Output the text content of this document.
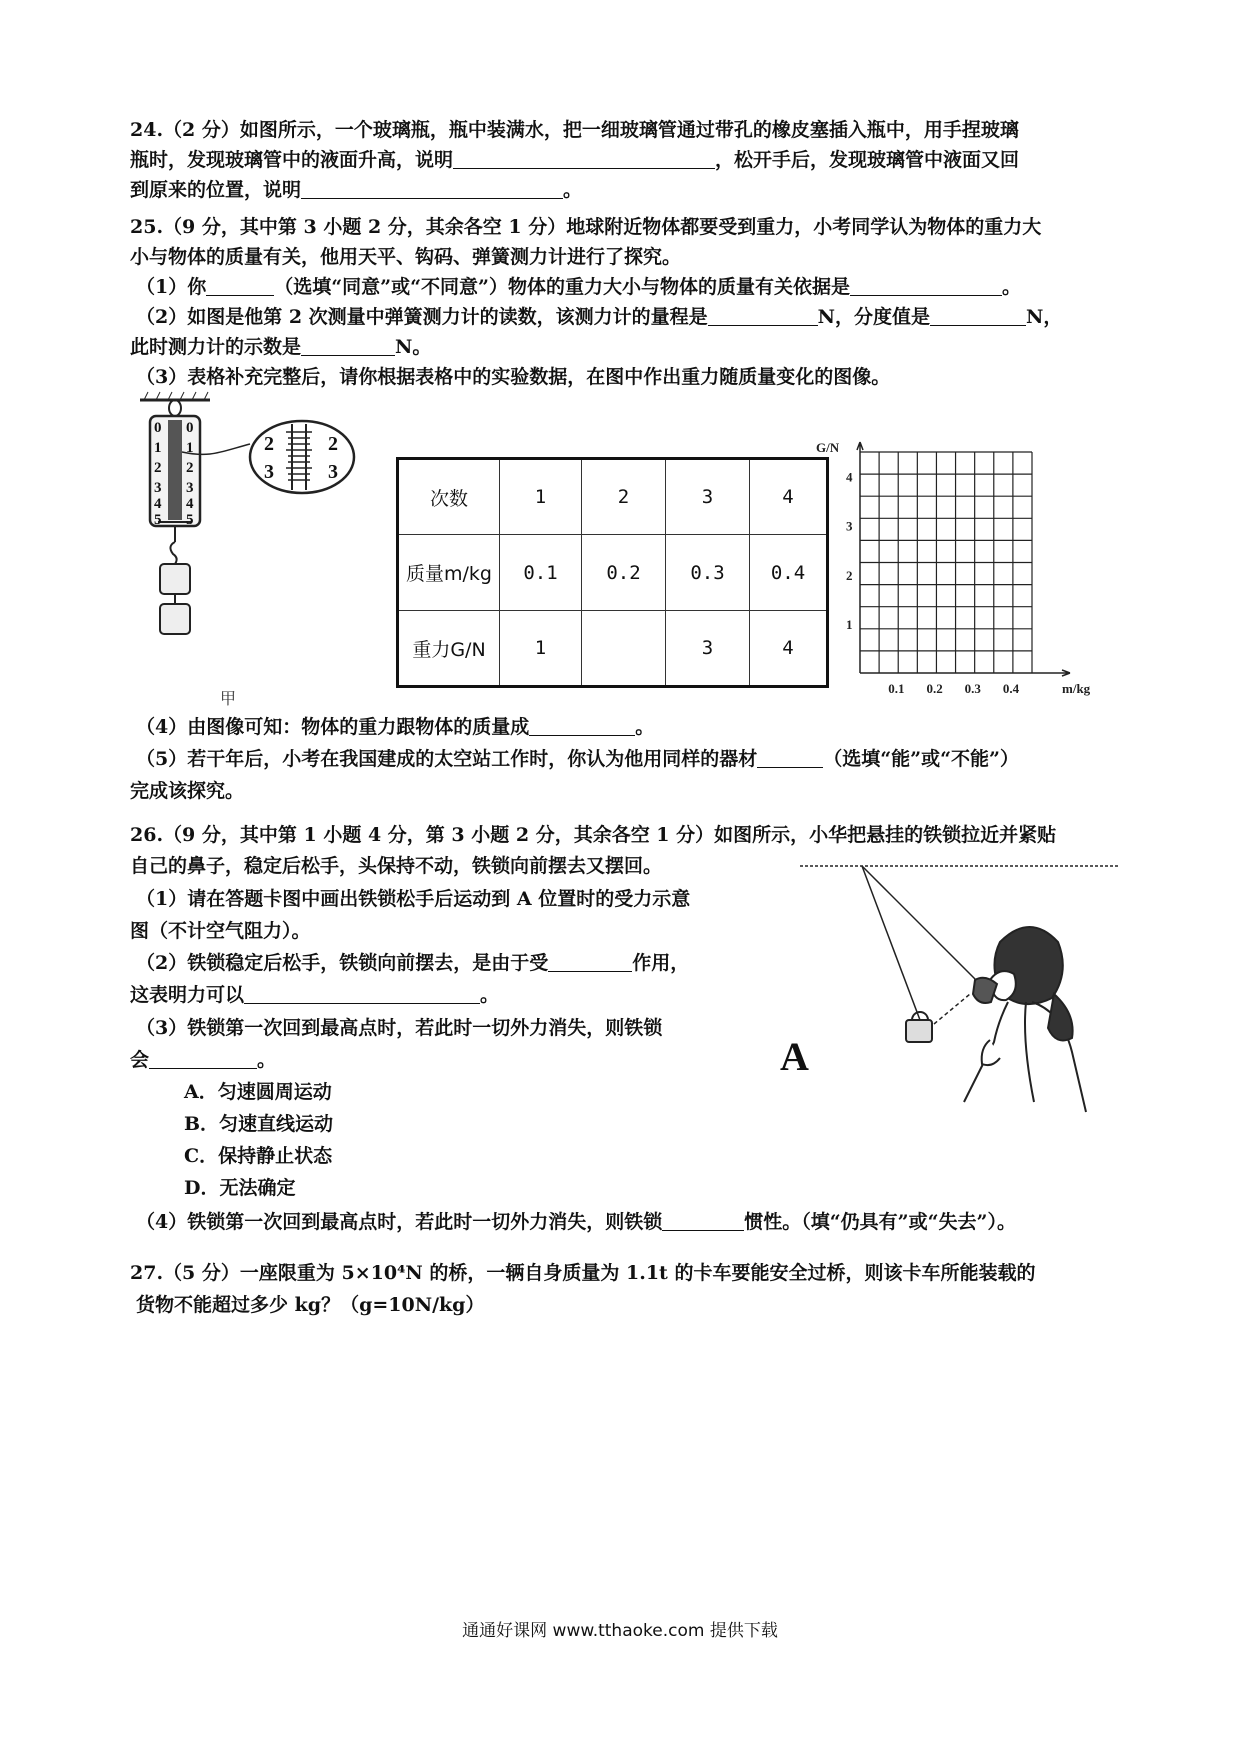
24.（2 分）如图所示，一个玻璃瓶，瓶中装满水，把一细玻璃管通过带孔的橡皮塞插入瓶中，用手捏玻璃
瓶时，发现玻璃管中的液面升高，说明	，松开手后，发现玻璃管中液面又回
到原来的位置，说明	。
25.（9 分，其中第 3 小题 2 分，其余各空 1 分）地球附近物体都要受到重力，小考同学认为物体的重力大
小与物体的质量有关，他用天平、钩码、弹簧测力计进行了探究。
（1）你	（选填“同意”或“不同意”）物体的重力大小与物体的质量有关依据是	。
（2）如图是他第 2 次测量中弹簧测力计的读数，该测力计的量程是	N，分度值是	N，
此时测力计的示数是	N。
（3）表格补充完整后，请你根据表格中的实验数据，在图中作出重力随质量变化的图像。
0
1
2
3
4
5
0
1
2
3
4
5
2
3
2
3
甲
次数	1	2	3	4
质量m/kg	0.1	0.2	0.3	0.4
重力G/N	1		3	4
0.1 0.2 0.3 0.4
1
2
3
4
G/N
m/kg
（4）由图像可知：物体的重力跟物体的质量成	。
（5）若干年后，小考在我国建成的太空站工作时，你认为他用同样的器材	（选填“能”或“不能”）
完成该探究。
26.（9 分，其中第 1 小题 4 分，第 3 小题 2 分，其余各空 1 分）如图所示，小华把悬挂的铁锁拉近并紧贴
自己的鼻子，稳定后松手，头保持不动，铁锁向前摆去又摆回。
（1）请在答题卡图中画出铁锁松手后运动到 A 位置时的受力示意
图（不计空气阻力）。
（2）铁锁稳定后松手，铁锁向前摆去，是由于受	作用，
这表明力可以	。
（3）铁锁第一次回到最高点时，若此时一切外力消失，则铁锁
会	。
A．匀速圆周运动
B．匀速直线运动
C．保持静止状态
D．无法确定
（4）铁锁第一次回到最高点时，若此时一切外力消失，则铁锁	惯性。（填“仍具有”或“失去”）。
A
27.（5 分）一座限重为 5×10⁴N 的桥，一辆自身质量为 1.1t 的卡车要能安全过桥，则该卡车所能装载的
货物不能超过多少 kg？（g=10N/kg）
通通好课网 www.tthaoke.com 提供下载
